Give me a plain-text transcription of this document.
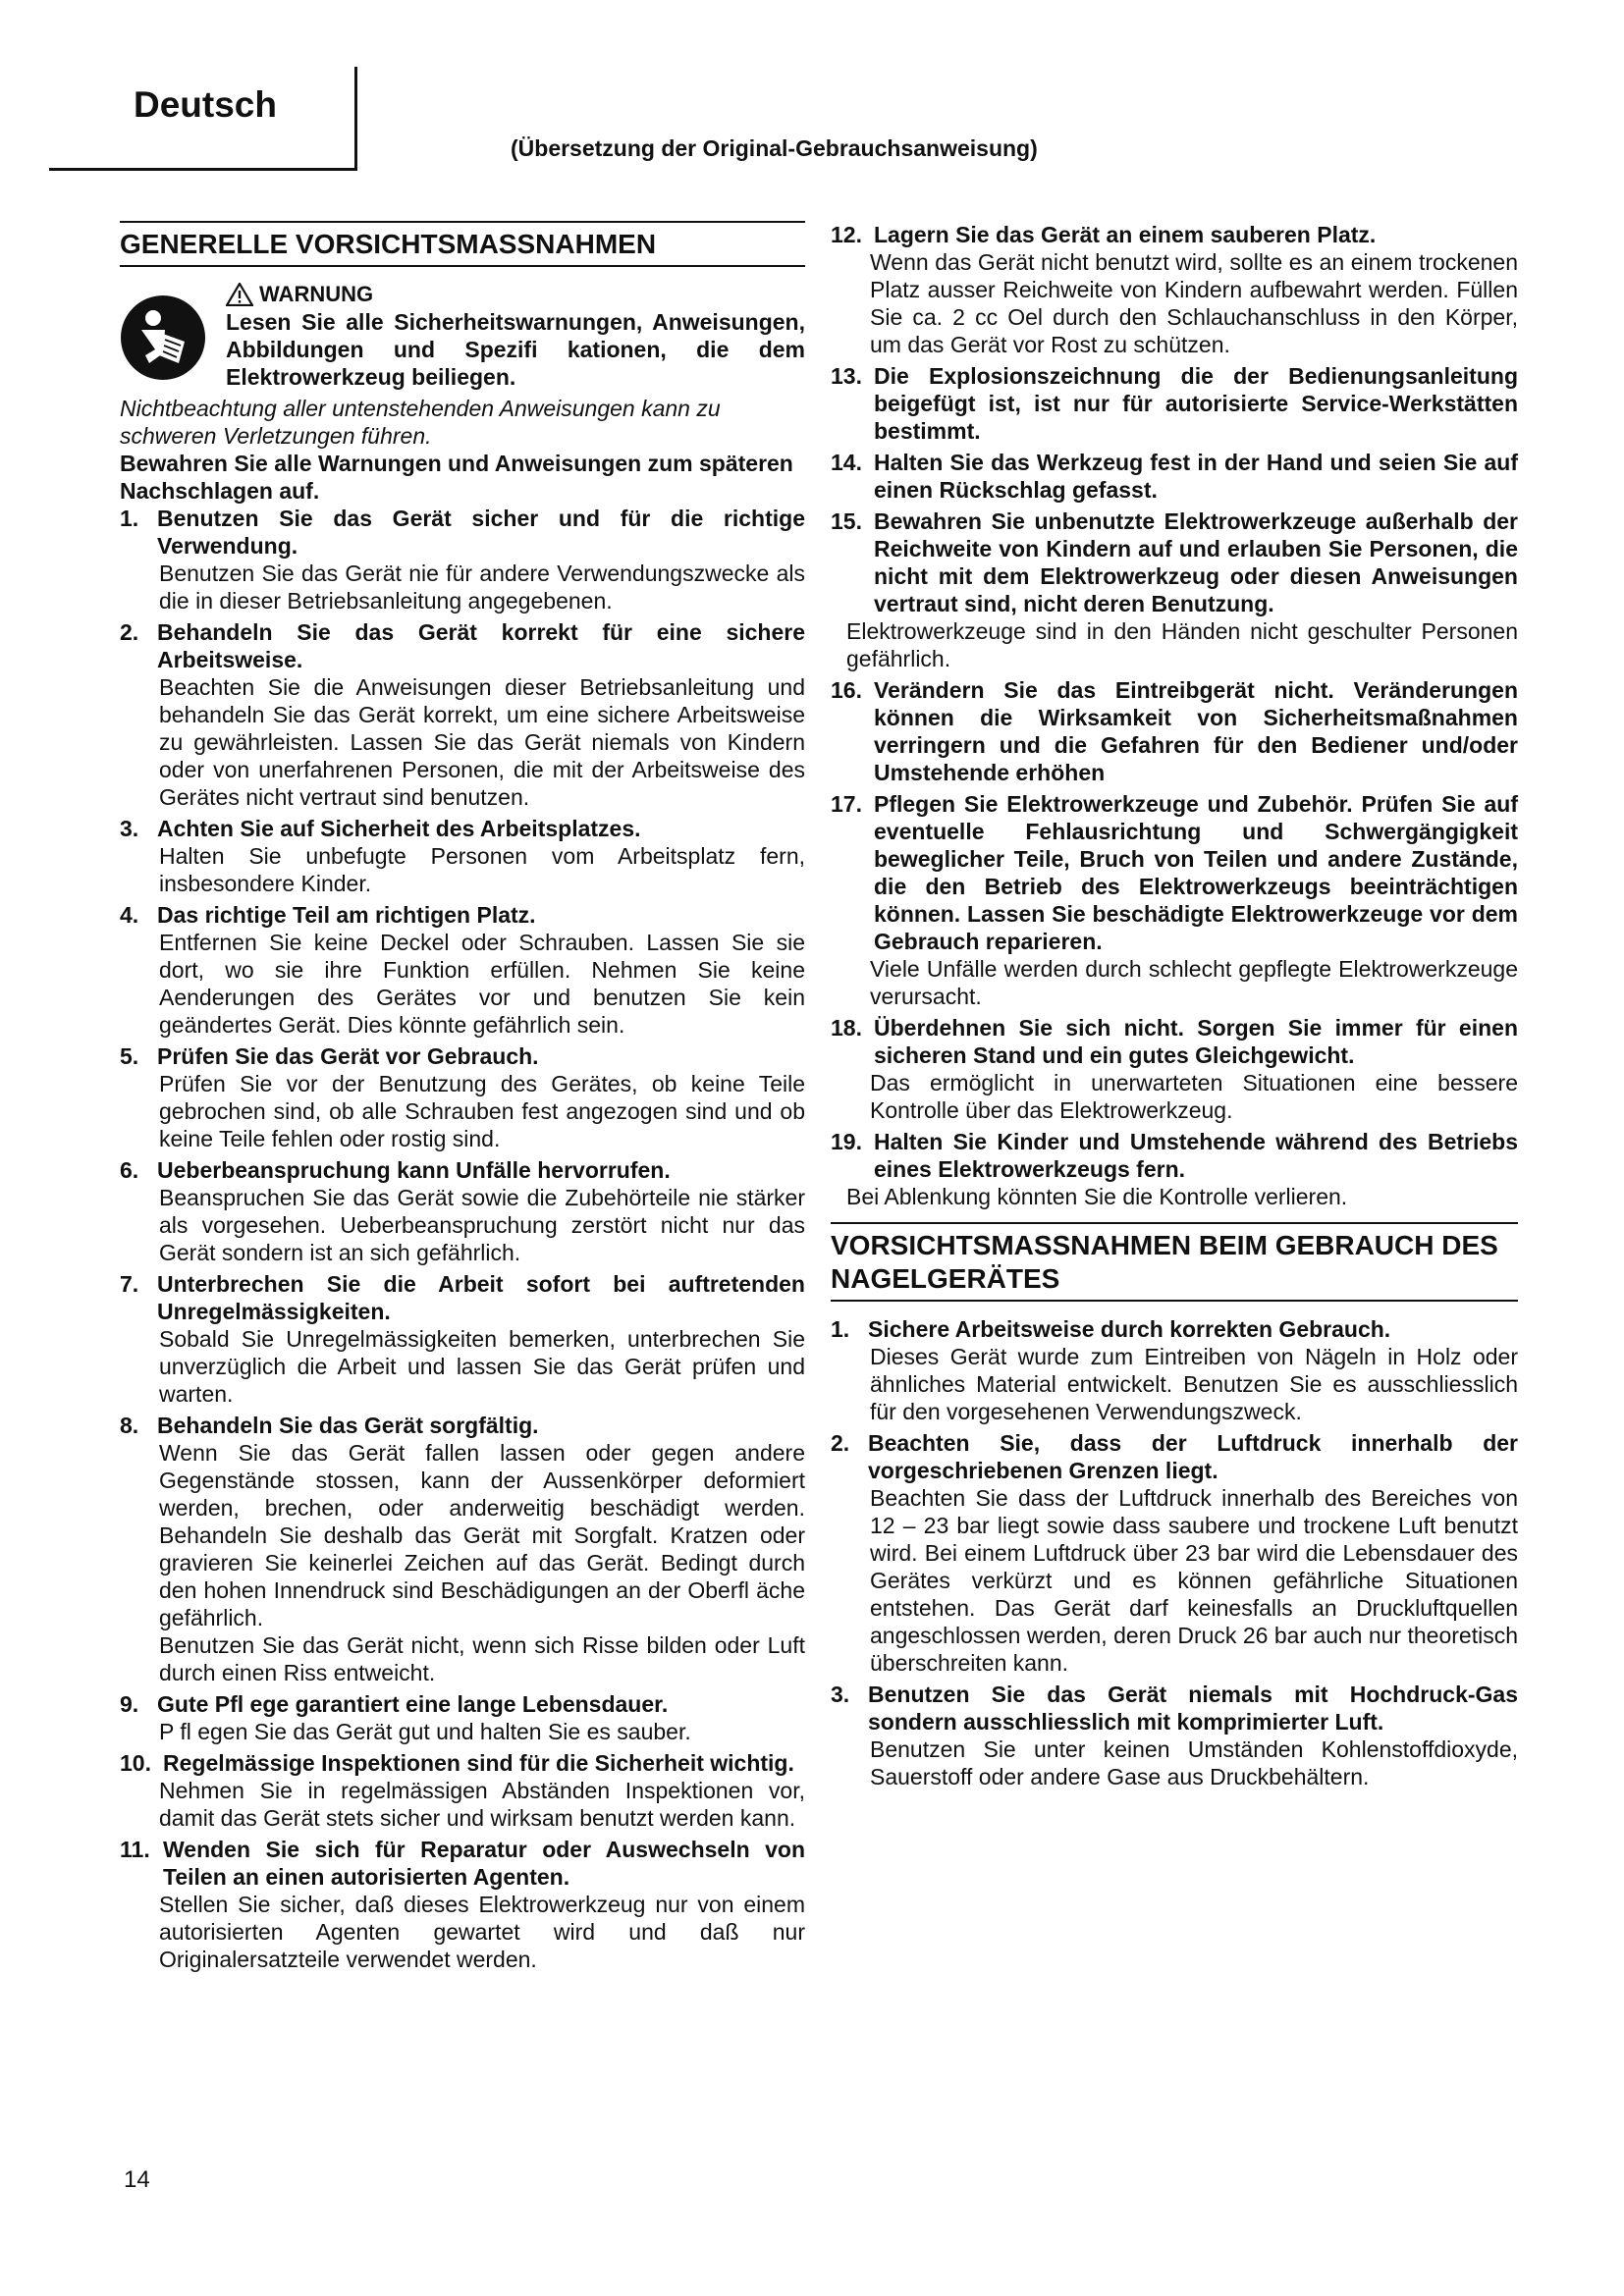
Deutsch

(Übersetzung der Original-Gebrauchsanweisung)

GENERELLE VORSICHTSMASSNAHMEN

WARNUNG

Lesen Sie alle Sicherheitswarnungen, Anweisungen, Abbildungen und Spezifi kationen, die dem Elektrowerkzeug beiliegen.

Nichtbeachtung aller untenstehenden Anweisungen kann zu schweren Verletzungen führen.

Bewahren Sie alle Warnungen und Anweisungen zum späteren Nachschlagen auf.

1. Benutzen Sie das Gerät sicher und für die richtige Verwendung.

Benutzen Sie das Gerät nie für andere Verwendungszwecke als die in dieser Betriebsanleitung angegebenen.

2. Behandeln Sie das Gerät korrekt für eine sichere Arbeitsweise.

Beachten Sie die Anweisungen dieser Betriebsanleitung und behandeln Sie das Gerät korrekt, um eine sichere Arbeitsweise zu gewährleisten. Lassen Sie das Gerät niemals von Kindern oder von unerfahrenen Personen, die mit der Arbeitsweise des Gerätes nicht vertraut sind benutzen.

3. Achten Sie auf Sicherheit des Arbeitsplatzes.

Halten Sie unbefugte Personen vom Arbeitsplatz fern, insbesondere Kinder.

4. Das richtige Teil am richtigen Platz.

Entfernen Sie keine Deckel oder Schrauben. Lassen Sie sie dort, wo sie ihre Funktion erfüllen. Nehmen Sie keine Aenderungen des Gerätes vor und benutzen Sie kein geändertes Gerät. Dies könnte gefährlich sein.

5. Prüfen Sie das Gerät vor Gebrauch.

Prüfen Sie vor der Benutzung des Gerätes, ob keine Teile gebrochen sind, ob alle Schrauben fest angezogen sind und ob keine Teile fehlen oder rostig sind.

6. Ueberbeanspruchung kann Unfälle hervorrufen.

Beanspruchen Sie das Gerät sowie die Zubehörteile nie stärker als vorgesehen. Ueberbeanspruchung zerstört nicht nur das Gerät sondern ist an sich gefährlich.

7. Unterbrechen Sie die Arbeit sofort bei auftretenden Unregelmässigkeiten.

Sobald Sie Unregelmässigkeiten bemerken, unterbrechen Sie unverzüglich die Arbeit und lassen Sie das Gerät prüfen und warten.

8. Behandeln Sie das Gerät sorgfältig.

Wenn Sie das Gerät fallen lassen oder gegen andere Gegenstände stossen, kann der Aussenkörper deformiert werden, brechen, oder anderweitig beschädigt werden. Behandeln Sie deshalb das Gerät mit Sorgfalt. Kratzen oder gravieren Sie keinerlei Zeichen auf das Gerät. Bedingt durch den hohen Innendruck sind Beschädigungen an der Oberfl äche gefährlich.

Benutzen Sie das Gerät nicht, wenn sich Risse bilden oder Luft durch einen Riss entweicht.

9. Gute Pfl ege garantiert eine lange Lebensdauer.

P fl egen Sie das Gerät gut und halten Sie es sauber.

10. Regelmässige Inspektionen sind für die Sicherheit wichtig.

Nehmen Sie in regelmässigen Abständen Inspektionen vor, damit das Gerät stets sicher und wirksam benutzt werden kann.

11. Wenden Sie sich für Reparatur oder Auswechseln von Teilen an einen autorisierten Agenten.

Stellen Sie sicher, daß dieses Elektrowerkzeug nur von einem autorisierten Agenten gewartet wird und daß nur Originalersatzteile verwendet werden.

12. Lagern Sie das Gerät an einem sauberen Platz.

Wenn das Gerät nicht benutzt wird, sollte es an einem trockenen Platz ausser Reichweite von Kindern aufbewahrt werden. Füllen Sie ca. 2 cc Oel durch den Schlauchanschluss in den Körper, um das Gerät vor Rost zu schützen.

13. Die Explosionszeichnung die der Bedienungsanleitung beigefügt ist, ist nur für autorisierte Service-Werkstätten bestimmt.

14. Halten Sie das Werkzeug fest in der Hand und seien Sie auf einen Rückschlag gefasst.

15. Bewahren Sie unbenutzte Elektrowerkzeuge außerhalb der Reichweite von Kindern auf und erlauben Sie Personen, die nicht mit dem Elektrowerkzeug oder diesen Anweisungen vertraut sind, nicht deren Benutzung.

Elektrowerkzeuge sind in den Händen nicht geschulter Personen gefährlich.

16. Verändern Sie das Eintreibgerät nicht. Veränderungen können die Wirksamkeit von Sicherheitsmaßnahmen verringern und die Gefahren für den Bediener und/oder Umstehende erhöhen

17. Pflegen Sie Elektrowerkzeuge und Zubehör. Prüfen Sie auf eventuelle Fehlausrichtung und Schwergängigkeit beweglicher Teile, Bruch von Teilen und andere Zustände, die den Betrieb des Elektrowerkzeugs beeinträchtigen können. Lassen Sie beschädigte Elektrowerkzeuge vor dem Gebrauch reparieren.

Viele Unfälle werden durch schlecht gepflegte Elektrowerkzeuge verursacht.

18. Überdehnen Sie sich nicht. Sorgen Sie immer für einen sicheren Stand und ein gutes Gleichgewicht.

Das ermöglicht in unerwarteten Situationen eine bessere Kontrolle über das Elektrowerkzeug.

19. Halten Sie Kinder und Umstehende während des Betriebs eines Elektrowerkzeugs fern.

Bei Ablenkung könnten Sie die Kontrolle verlieren.

VORSICHTSMASSNAHMEN BEIM GEBRAUCH DES NAGELGERÄTES

1. Sichere Arbeitsweise durch korrekten Gebrauch.

Dieses Gerät wurde zum Eintreiben von Nägeln in Holz oder ähnliches Material entwickelt. Benutzen Sie es ausschliesslich für den vorgesehenen Verwendungszweck.

2. Beachten Sie, dass der Luftdruck innerhalb der vorgeschriebenen Grenzen liegt.

Beachten Sie dass der Luftdruck innerhalb des Bereiches von 12 – 23 bar liegt sowie dass saubere und trockene Luft benutzt wird. Bei einem Luftdruck über 23 bar wird die Lebensdauer des Gerätes verkürzt und es können gefährliche Situationen entstehen. Das Gerät darf keinesfalls an Druckluftquellen angeschlossen werden, deren Druck 26 bar auch nur theoretisch überschreiten kann.

3. Benutzen Sie das Gerät niemals mit Hochdruck-Gas sondern ausschliesslich mit komprimierter Luft.

Benutzen Sie unter keinen Umständen Kohlenstoffdioxyde, Sauerstoff oder andere Gase aus Druckbehältern.

14
